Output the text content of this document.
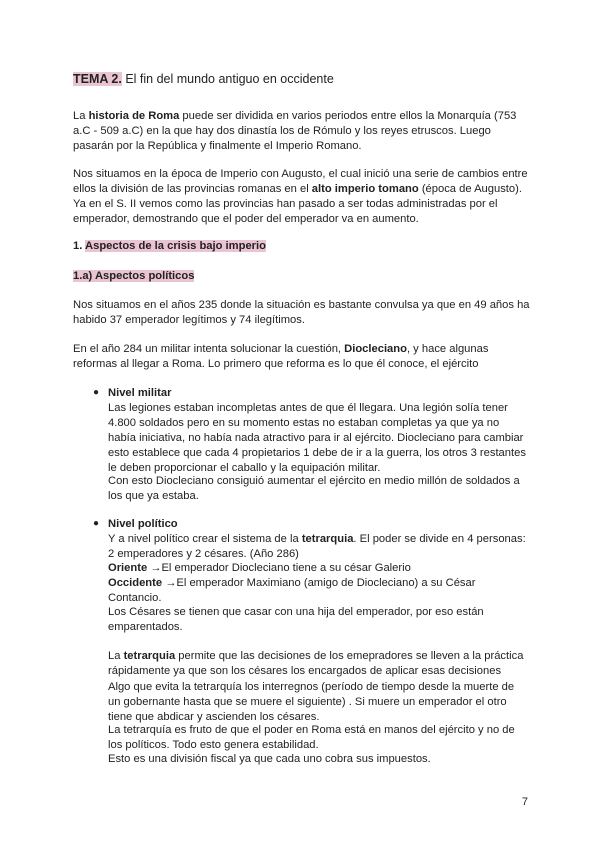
TEMA 2. El fin del mundo antiguo en occidente

La historia de Roma puede ser dividida en varios periodos entre ellos la Monarquía (753 a.C - 509 a.C) en la que hay dos dinastía los de Rómulo y los reyes etruscos. Luego pasarán por la República y finalmente el Imperio Romano.

Nos situamos en la época de Imperio con Augusto, el cual inició una serie de cambios entre ellos la división de las provincias romanas en el alto imperio tomano (época de Augusto). Ya en el S. II vemos como las provincias han pasado a ser todas administradas por el emperador, demostrando que el poder del emperador va en aumento.

1. Aspectos de la crisis bajo imperio

1.a) Aspectos políticos

Nos situamos en el años 235 donde la situación es bastante convulsa ya que en 49 años ha habido 37 emperador legítimos y 74 ilegítimos.

En el año 284 un militar intenta solucionar la cuestión, Diocleciano, y hace algunas reformas al llegar a Roma. Lo primero que reforma es lo que él conoce, el ejército

● Nivel militar

Las legiones estaban incompletas antes de que él llegara. Una legión solía tener 4.800 soldados pero en su momento estas no estaban completas ya que ya no había iniciativa, no había nada atractivo para ir al ejército. Diocleciano para cambiar esto establece que cada 4 propietarios 1 debe de ir a la guerra, los otros 3 restantes le deben proporcionar el caballo y la equipación militar.

Con esto Diocleciano consiguió aumentar el ejército en medio millón de soldados a los que ya estaba.

● Nivel político

Y a nivel político crear el sistema de la tetrarquia. El poder se divide en 4 personas: 2 emperadores y 2 césares. (Año 286)

Oriente →El emperador Diocleciano tiene a su césar Galerio

Occidente →El emperador Maximiano (amigo de Diocleciano) a su César Contancio.

Los Césares se tienen que casar con una hija del emperador, por eso están emparentados.

La tetrarquia permite que las decisiones de los emepradores se lleven a la práctica rápidamente ya que son los césares los encargados de aplicar esas decisiones

Algo que evita la tetrarquía los interregnos (período de tiempo desde la muerte de un gobernante hasta que se muere el siguiente) . Si muere un emperador el otro tiene que abdicar y ascienden los césares.

La tetrarquía es fruto de que el poder en Roma está en manos del ejército y no de los políticos. Todo esto genera estabilidad.

Esto es una división fiscal ya que cada uno cobra sus impuestos.

7
